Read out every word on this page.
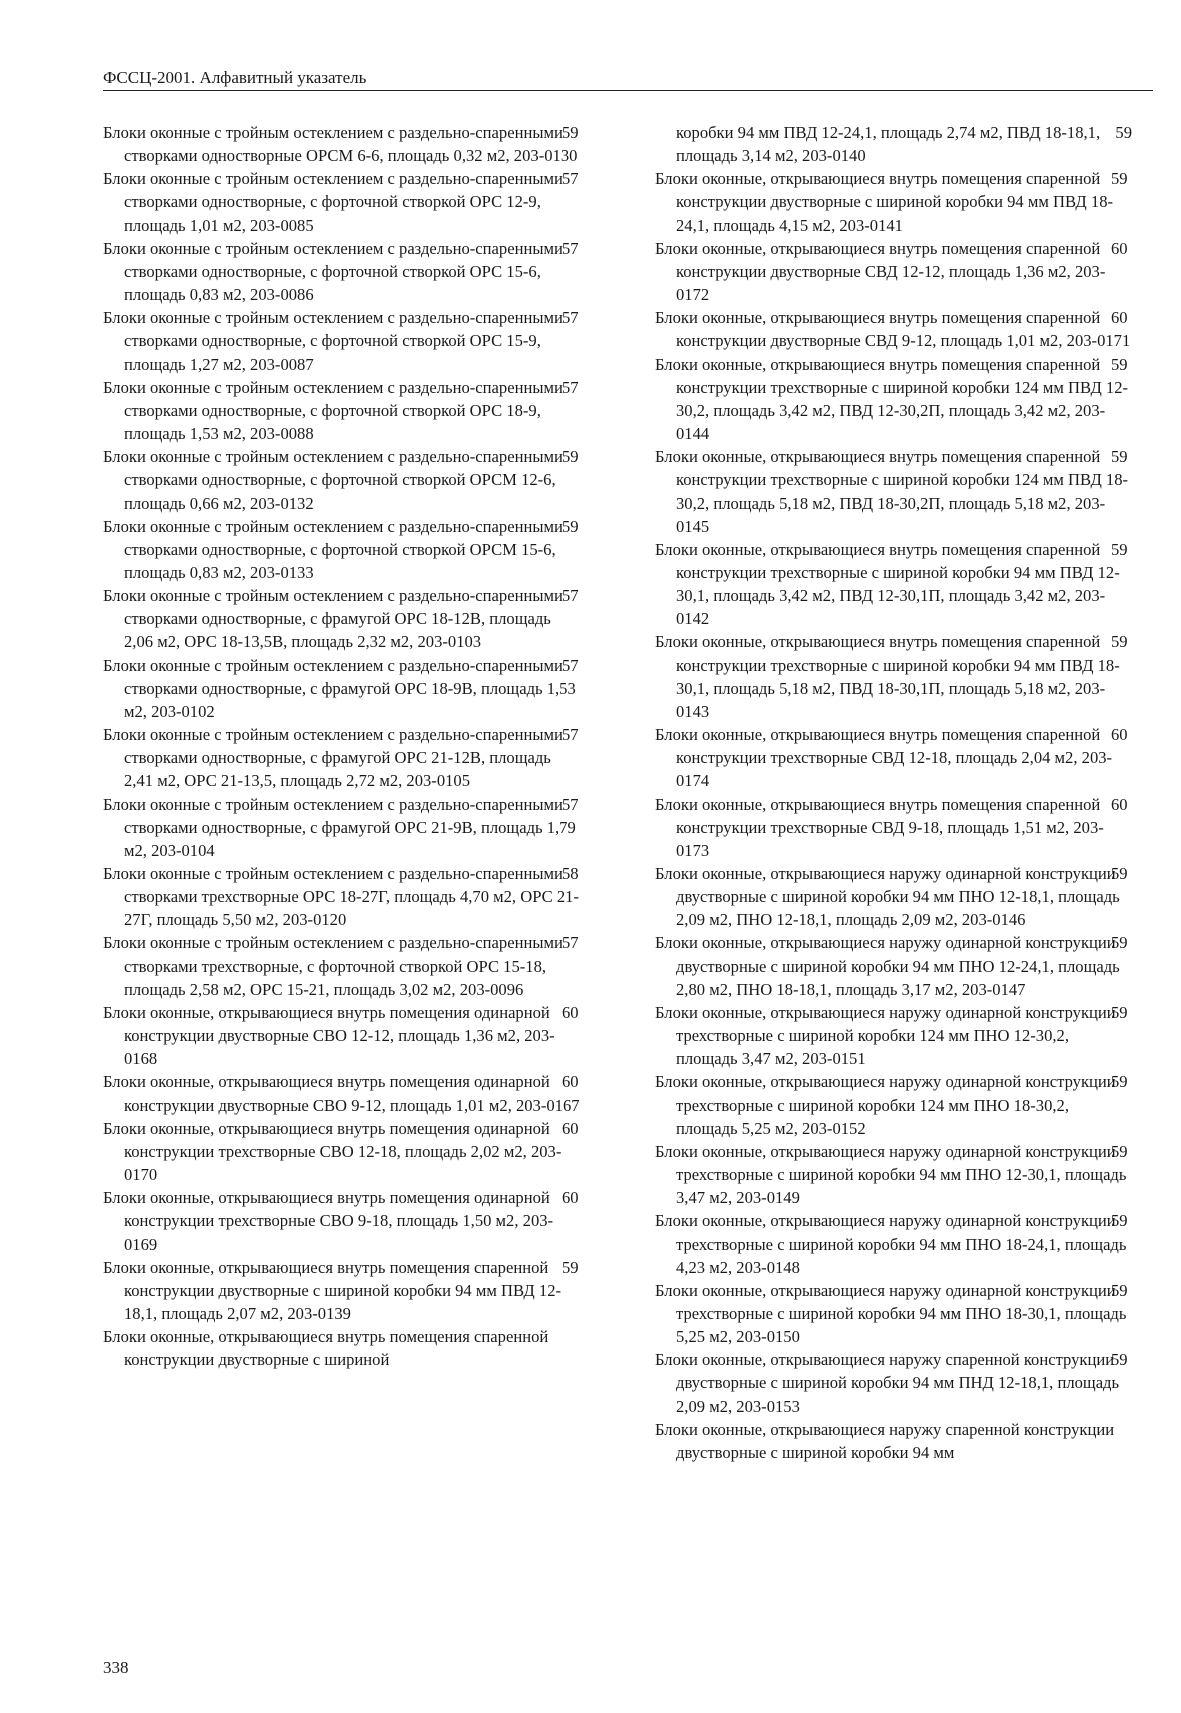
ФССЦ-2001. Алфавитный указатель
59
Блоки оконные с тройным остеклением с раздельно-спаренными створками одностворные ОРСМ 6-6, площадь 0,32 м2, 203-0130
57
Блоки оконные с тройным остеклением с раздельно-спаренными створками одностворные, с форточной створкой ОРС 12-9, площадь 1,01 м2, 203-0085
57
Блоки оконные с тройным остеклением с раздельно-спаренными створками одностворные, с форточной створкой ОРС 15-6, площадь 0,83 м2, 203-0086
57
Блоки оконные с тройным остеклением с раздельно-спаренными створками одностворные, с форточной створкой ОРС 15-9, площадь 1,27 м2, 203-0087
57
Блоки оконные с тройным остеклением с раздельно-спаренными створками одностворные, с форточной створкой ОРС 18-9, площадь 1,53 м2, 203-0088
59
Блоки оконные с тройным остеклением с раздельно-спаренными створками одностворные, с форточной створкой ОРСМ 12-6, площадь 0,66 м2, 203-0132
59
Блоки оконные с тройным остеклением с раздельно-спаренными створками одностворные, с форточной створкой ОРСМ 15-6, площадь 0,83 м2, 203-0133
57
Блоки оконные с тройным остеклением с раздельно-спаренными створками одностворные, с фрамугой ОРС 18-12В, площадь 2,06 м2, ОРС 18-13,5В, площадь 2,32 м2, 203-0103
57
Блоки оконные с тройным остеклением с раздельно-спаренными створками одностворные, с фрамугой ОРС 18-9В, площадь 1,53 м2, 203-0102
57
Блоки оконные с тройным остеклением с раздельно-спаренными створками одностворные, с фрамугой ОРС 21-12В, площадь 2,41 м2, ОРС 21-13,5, площадь 2,72 м2, 203-0105
57
Блоки оконные с тройным остеклением с раздельно-спаренными створками одностворные, с фрамугой ОРС 21-9В, площадь 1,79 м2, 203-0104
58
Блоки оконные с тройным остеклением с раздельно-спаренными створками трехстворные ОРС 18-27Г, площадь 4,70 м2, ОРС 21-27Г, площадь 5,50 м2, 203-0120
57
Блоки оконные с тройным остеклением с раздельно-спаренными створками трехстворные, с форточной створкой ОРС 15-18, площадь 2,58 м2, ОРС 15-21, площадь 3,02 м2, 203-0096
60
Блоки оконные, открывающиеся внутрь помещения одинарной конструкции двустворные СВО 12-12, площадь 1,36 м2, 203-0168
60
Блоки оконные, открывающиеся внутрь помещения одинарной конструкции двустворные СВО 9-12, площадь 1,01 м2, 203-0167
60
Блоки оконные, открывающиеся внутрь помещения одинарной конструкции трехстворные СВО 12-18, площадь 2,02 м2, 203-0170
60
Блоки оконные, открывающиеся внутрь помещения одинарной конструкции трехстворные СВО 9-18, площадь 1,50 м2, 203-0169
59
Блоки оконные, открывающиеся внутрь помещения спаренной конструкции двустворные с шириной коробки 94 мм ПВД 12-18,1, площадь 2,07 м2, 203-0139
Блоки оконные, открывающиеся внутрь помещения спаренной конструкции двустворные с шириной
59
коробки 94 мм ПВД 12-24,1, площадь 2,74 м2, ПВД 18-18,1, площадь 3,14 м2, 203-0140
59
Блоки оконные, открывающиеся внутрь помещения спаренной конструкции двустворные с шириной коробки 94 мм ПВД 18-24,1, площадь 4,15 м2, 203-0141
60
Блоки оконные, открывающиеся внутрь помещения спаренной конструкции двустворные СВД 12-12, площадь 1,36 м2, 203-0172
60
Блоки оконные, открывающиеся внутрь помещения спаренной конструкции двустворные СВД 9-12, площадь 1,01 м2, 203-0171
59
Блоки оконные, открывающиеся внутрь помещения спаренной конструкции трехстворные с шириной коробки 124 мм ПВД 12-30,2, площадь 3,42 м2, ПВД 12-30,2П, площадь 3,42 м2, 203-0144
59
Блоки оконные, открывающиеся внутрь помещения спаренной конструкции трехстворные с шириной коробки 124 мм ПВД 18-30,2, площадь 5,18 м2, ПВД 18-30,2П, площадь 5,18 м2, 203-0145
59
Блоки оконные, открывающиеся внутрь помещения спаренной конструкции трехстворные с шириной коробки 94 мм ПВД 12-30,1, площадь 3,42 м2, ПВД 12-30,1П, площадь 3,42 м2, 203-0142
59
Блоки оконные, открывающиеся внутрь помещения спаренной конструкции трехстворные с шириной коробки 94 мм ПВД 18-30,1, площадь 5,18 м2, ПВД 18-30,1П, площадь 5,18 м2, 203-0143
60
Блоки оконные, открывающиеся внутрь помещения спаренной конструкции трехстворные СВД 12-18, площадь 2,04 м2, 203-0174
60
Блоки оконные, открывающиеся внутрь помещения спаренной конструкции трехстворные СВД 9-18, площадь 1,51 м2, 203-0173
59
Блоки оконные, открывающиеся наружу одинарной конструкции двустворные с шириной коробки 94 мм ПНО 12-18,1, площадь 2,09 м2, ПНО 12-18,1, площадь 2,09 м2, 203-0146
59
Блоки оконные, открывающиеся наружу одинарной конструкции двустворные с шириной коробки 94 мм ПНО 12-24,1, площадь 2,80 м2, ПНО 18-18,1, площадь 3,17 м2, 203-0147
59
Блоки оконные, открывающиеся наружу одинарной конструкции трехстворные с шириной коробки 124 мм ПНО 12-30,2, площадь 3,47 м2, 203-0151
59
Блоки оконные, открывающиеся наружу одинарной конструкции трехстворные с шириной коробки 124 мм ПНО 18-30,2, площадь 5,25 м2, 203-0152
59
Блоки оконные, открывающиеся наружу одинарной конструкции трехстворные с шириной коробки 94 мм ПНО 12-30,1, площадь 3,47 м2, 203-0149
59
Блоки оконные, открывающиеся наружу одинарной конструкции трехстворные с шириной коробки 94 мм ПНО 18-24,1, площадь 4,23 м2, 203-0148
59
Блоки оконные, открывающиеся наружу одинарной конструкции трехстворные с шириной коробки 94 мм ПНО 18-30,1, площадь 5,25 м2, 203-0150
59
Блоки оконные, открывающиеся наружу спаренной конструкции двустворные с шириной коробки 94 мм ПНД 12-18,1, площадь 2,09 м2, 203-0153
Блоки оконные, открывающиеся наружу спаренной конструкции двустворные с шириной коробки 94 мм
338
